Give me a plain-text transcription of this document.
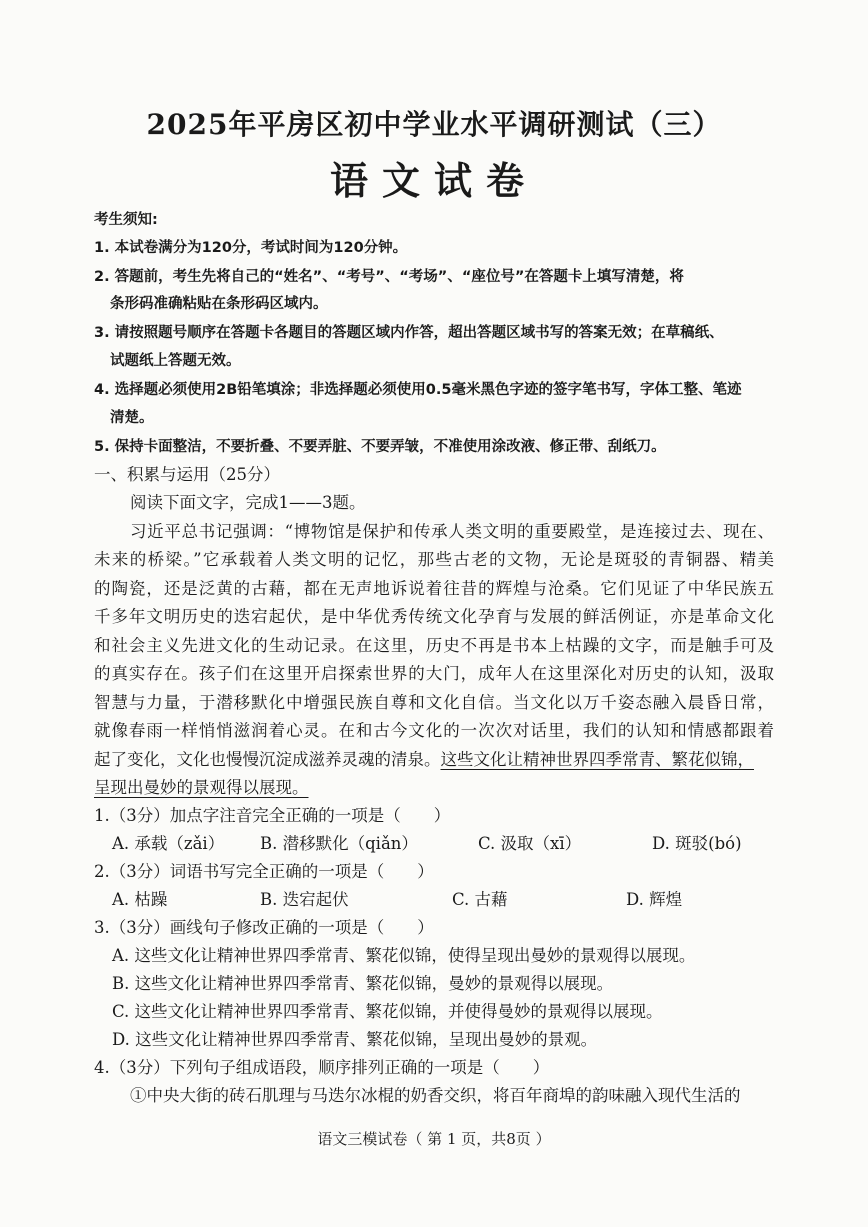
2025年平房区初中学业水平调研测试（三）
语文试卷
考生须知:
1. 本试卷满分为120分，考试时间为120分钟。
2. 答题前，考生先将自己的“姓名”、“考号”、“考场”、“座位号”在答题卡上填写清楚，将
条形码准确粘贴在条形码区域内。
3. 请按照题号顺序在答题卡各题目的答题区域内作答，超出答题区域书写的答案无效；在草稿纸、
试题纸上答题无效。
4. 选择题必须使用2B铅笔填涂；非选择题必须使用0.5毫米黑色字迹的签字笔书写，字体工整、笔迹
清楚。
5. 保持卡面整洁，不要折叠、不要弄脏、不要弄皱，不准使用涂改液、修正带、刮纸刀。
一、积累与运用（25分）
阅读下面文字，完成1——3题。
习近平总书记强调：“博物馆是保护和传承人类文明的重要殿堂，是连接过去、现在、
未来的桥梁。”它承载着人类文明的记忆，那些古老的文物，无论是斑驳的青铜器、精美
的陶瓷，还是泛黄的古藉，都在无声地诉说着往昔的辉煌与沧桑。它们见证了中华民族五
千多年文明历史的迭宕起伏，是中华优秀传统文化孕育与发展的鲜活例证，亦是革命文化
和社会主义先进文化的生动记录。在这里，历史不再是书本上枯躁的文字，而是触手可及
的真实存在。孩子们在这里开启探索世界的大门，成年人在这里深化对历史的认知，汲取
智慧与力量，于潜移默化中增强民族自尊和文化自信。当文化以万千姿态融入晨昏日常，
就像春雨一样悄悄滋润着心灵。在和古今文化的一次次对话里，我们的认知和情感都跟着
起了变化，文化也慢慢沉淀成滋养灵魂的清泉。这些文化让精神世界四季常青、繁花似锦，
呈现出曼妙的景观得以展现。
1.（3分）加点字注音完全正确的一项是（　　）
A. 承载（zǎi） B. 潜移默化（qiǎn）	C. 汲取（xī）	D. 斑驳(bó)
2.（3分）词语书写完全正确的一项是（　　）
A. 枯躁	B. 迭宕起伏	C. 古藉	D. 辉煌
3.（3分）画线句子修改正确的一项是（　　）
A. 这些文化让精神世界四季常青、繁花似锦，使得呈现出曼妙的景观得以展现。
B. 这些文化让精神世界四季常青、繁花似锦，曼妙的景观得以展现。
C. 这些文化让精神世界四季常青、繁花似锦，并使得曼妙的景观得以展现。
D. 这些文化让精神世界四季常青、繁花似锦，呈现出曼妙的景观。
4.（3分）下列句子组成语段，顺序排列正确的一项是（　　）
①中央大街的砖石肌理与马迭尔冰棍的奶香交织，将百年商埠的韵味融入现代生活的
语文三模试卷（ 第 1 页，共8页 ）
